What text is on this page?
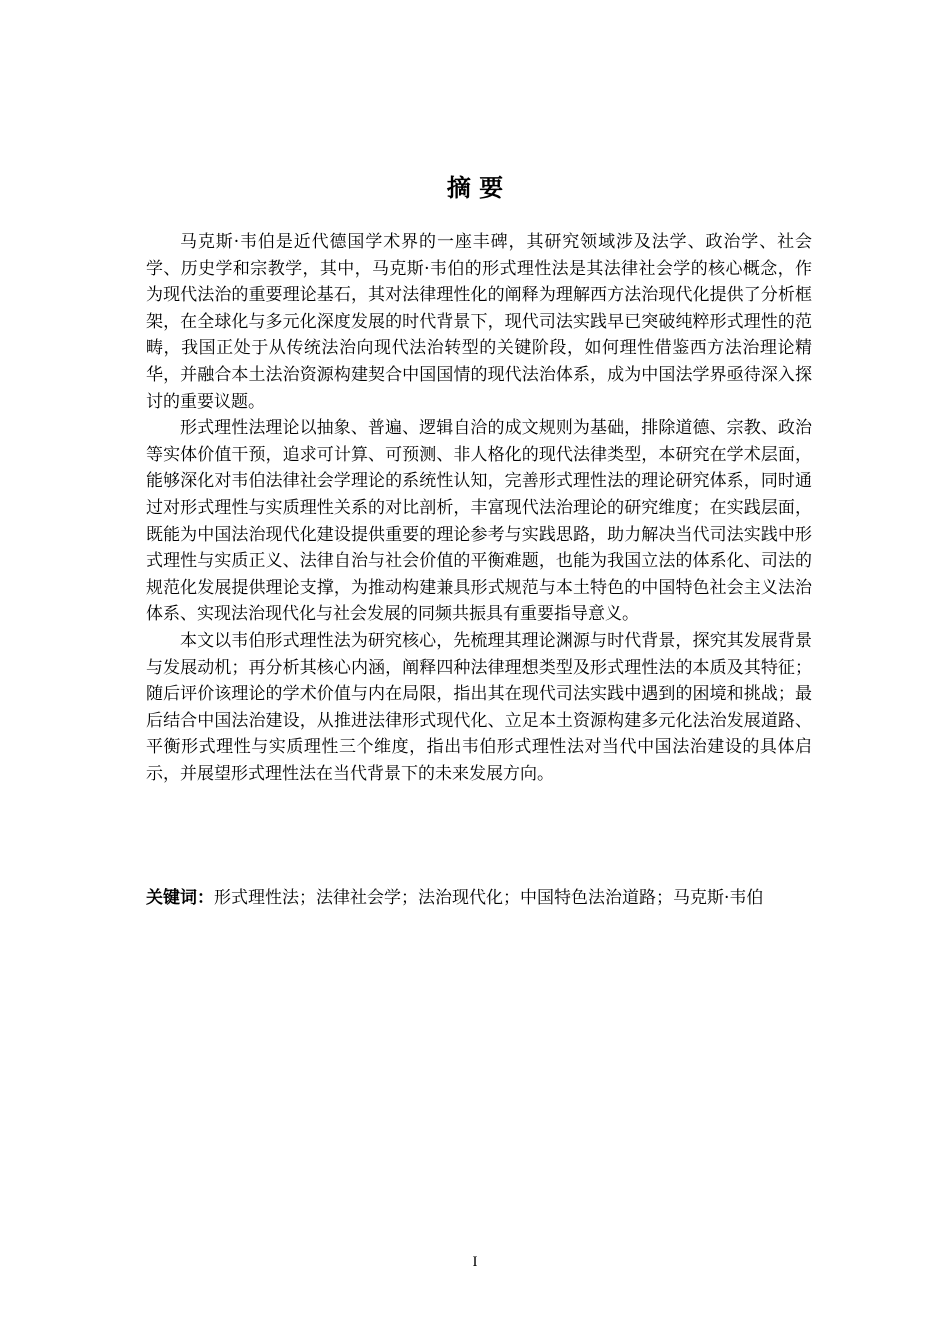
摘 要

马克斯·韦伯是近代德国学术界的一座丰碑，其研究领域涉及法学、政治学、社会学、历史学和宗教学，其中，马克斯·韦伯的形式理性法是其法律社会学的核心概念，作为现代法治的重要理论基石，其对法律理性化的阐释为理解西方法治现代化提供了分析框架，在全球化与多元化深度发展的时代背景下，现代司法实践早已突破纯粹形式理性的范畴，我国正处于从传统法治向现代法治转型的关键阶段，如何理性借鉴西方法治理论精华，并融合本土法治资源构建契合中国国情的现代法治体系，成为中国法学界亟待深入探讨的重要议题。

形式理性法理论以抽象、普遍、逻辑自洽的成文规则为基础，排除道德、宗教、政治等实体价值干预，追求可计算、可预测、非人格化的现代法律类型，本研究在学术层面，能够深化对韦伯法律社会学理论的系统性认知，完善形式理性法的理论研究体系，同时通过对形式理性与实质理性关系的对比剖析，丰富现代法治理论的研究维度；在实践层面，既能为中国法治现代化建设提供重要的理论参考与实践思路，助力解决当代司法实践中形式理性与实质正义、法律自治与社会价值的平衡难题，也能为我国立法的体系化、司法的规范化发展提供理论支撑，为推动构建兼具形式规范与本土特色的中国特色社会主义法治体系、实现法治现代化与社会发展的同频共振具有重要指导意义。

本文以韦伯形式理性法为研究核心，先梳理其理论渊源与时代背景，探究其发展背景与发展动机；再分析其核心内涵，阐释四种法律理想类型及形式理性法的本质及其特征；随后评价该理论的学术价值与内在局限，指出其在现代司法实践中遇到的困境和挑战；最后结合中国法治建设，从推进法律形式现代化、立足本土资源构建多元化法治发展道路、平衡形式理性与实质理性三个维度，指出韦伯形式理性法对当代中国法治建设的具体启示，并展望形式理性法在当代背景下的未来发展方向。

关键词：形式理性法；法律社会学；法治现代化；中国特色法治道路；马克斯·韦伯

I
